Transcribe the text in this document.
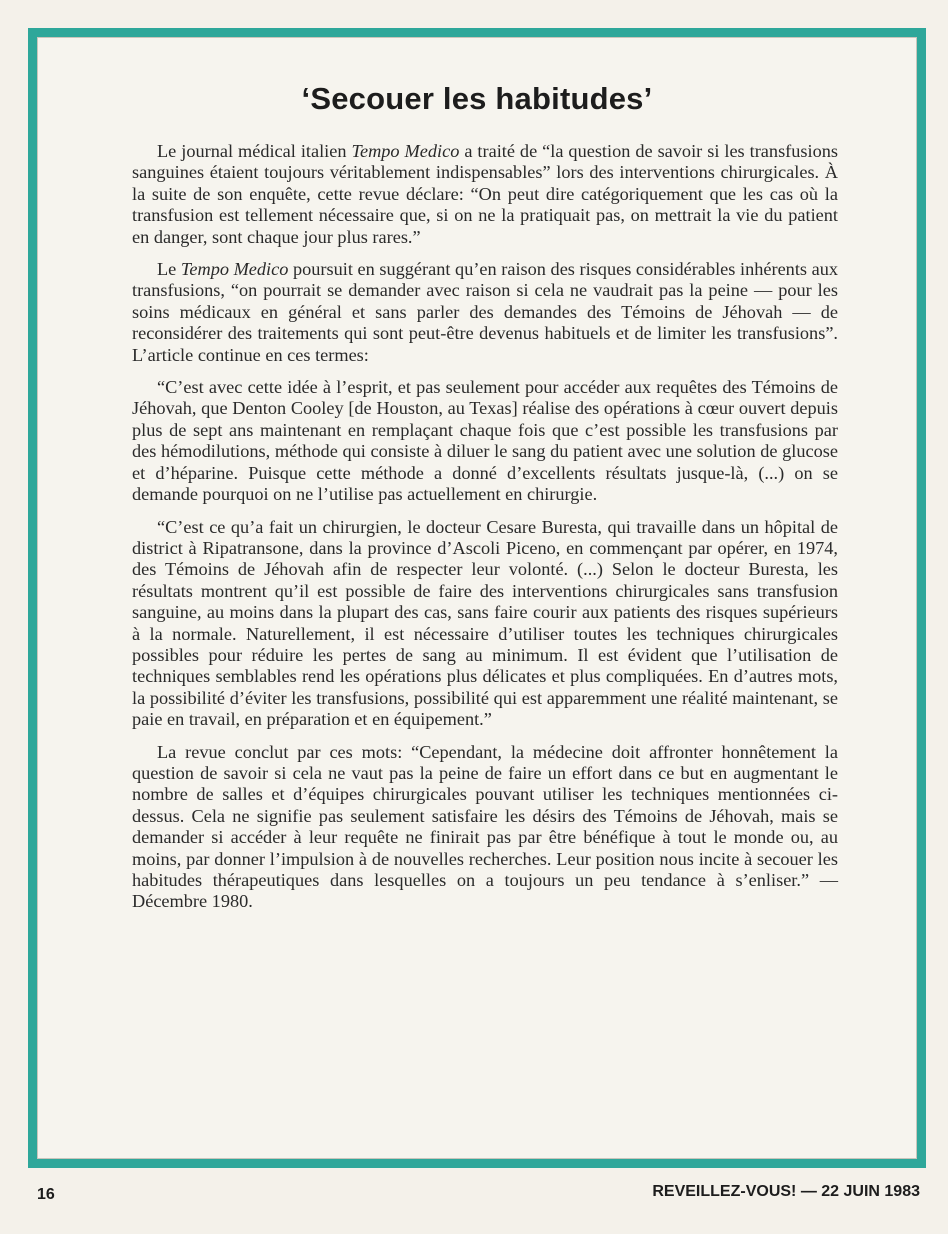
‘Secouer les habitudes’

Le journal médical italien Tempo Medico a traité de “la question de savoir si les transfusions sanguines étaient toujours véritablement indispensables” lors des interventions chirurgicales. À la suite de son enquête, cette revue déclare: “On peut dire catégoriquement que les cas où la transfusion est tellement nécessaire que, si on ne la pratiquait pas, on mettrait la vie du patient en danger, sont chaque jour plus rares.”

Le Tempo Medico poursuit en suggérant qu’en raison des risques considérables inhérents aux transfusions, “on pourrait se demander avec raison si cela ne vaudrait pas la peine — pour les soins médicaux en général et sans parler des demandes des Témoins de Jéhovah — de reconsidérer des traitements qui sont peut-être devenus habituels et de limiter les transfusions”. L’article continue en ces termes:

“C’est avec cette idée à l’esprit, et pas seulement pour accéder aux requêtes des Témoins de Jéhovah, que Denton Cooley [de Houston, au Texas] réalise des opérations à cœur ouvert depuis plus de sept ans maintenant en remplaçant chaque fois que c’est possible les transfusions par des hémodilutions, méthode qui consiste à diluer le sang du patient avec une solution de glucose et d’héparine. Puisque cette méthode a donné d’excellents résultats jusque-là, (...) on se demande pourquoi on ne l’utilise pas actuellement en chirurgie.

“C’est ce qu’a fait un chirurgien, le docteur Cesare Buresta, qui travaille dans un hôpital de district à Ripatransone, dans la province d’Ascoli Piceno, en commençant par opérer, en 1974, des Témoins de Jéhovah afin de respecter leur volonté. (...) Selon le docteur Buresta, les résultats montrent qu’il est possible de faire des interventions chirurgicales sans transfusion sanguine, au moins dans la plupart des cas, sans faire courir aux patients des risques supérieurs à la normale. Naturellement, il est nécessaire d’utiliser toutes les techniques chirurgicales possibles pour réduire les pertes de sang au minimum. Il est évident que l’utilisation de techniques semblables rend les opérations plus délicates et plus compliquées. En d’autres mots, la possibilité d’éviter les transfusions, possibilité qui est apparemment une réalité maintenant, se paie en travail, en préparation et en équipement.”

La revue conclut par ces mots: “Cependant, la médecine doit affronter honnêtement la question de savoir si cela ne vaut pas la peine de faire un effort dans ce but en augmentant le nombre de salles et d’équipes chirurgicales pouvant utiliser les techniques mentionnées ci-dessus. Cela ne signifie pas seulement satisfaire les désirs des Témoins de Jéhovah, mais se demander si accéder à leur requête ne finirait pas par être bénéfique à tout le monde ou, au moins, par donner l’impulsion à de nouvelles recherches. Leur position nous incite à secouer les habitudes thérapeutiques dans lesquelles on a toujours un peu tendance à s’enliser.” — Décembre 1980.

16	REVEILLEZ-VOUS! — 22 JUIN 1983
